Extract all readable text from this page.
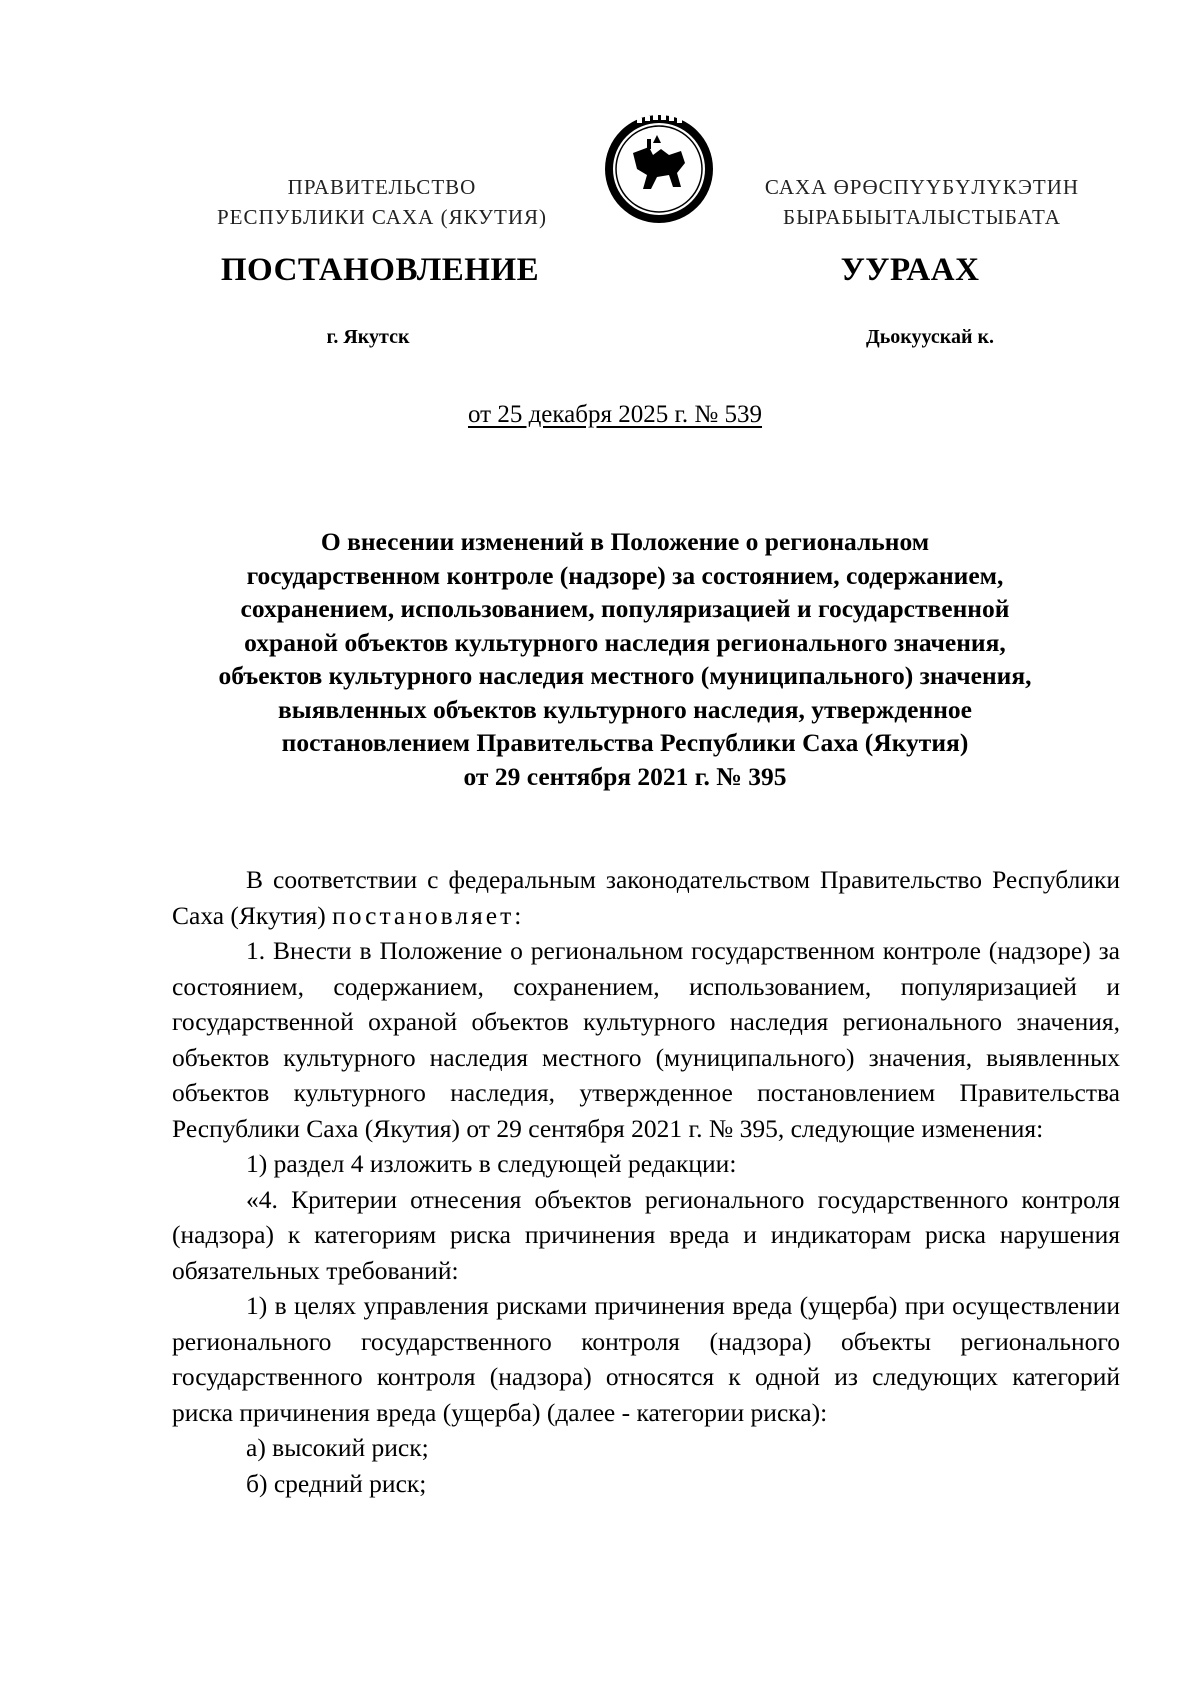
ПРАВИТЕЛЬСТВО
РЕСПУБЛИКИ САХА (ЯКУТИЯ)
САХА ӨРӨСПҮҮБҮЛҮКЭТИН
БЫРАБЫЫТАЛЫСТЫБАТА
ПОСТАНОВЛЕНИЕ	УУРААХ
г. Якутск	Дьокуускай к.
от 25 декабря 2025 г. № 539
О внесении изменений в Положение о региональном
государственном контроле (надзоре) за состоянием, содержанием,
сохранением, использованием, популяризацией и государственной
охраной объектов культурного наследия регионального значения,
объектов культурного наследия местного (муниципального) значения,
выявленных объектов культурного наследия, утвержденное
постановлением Правительства Республики Саха (Якутия)
от 29 сентября 2021 г. № 395

В соответствии с федеральным законодательством Правительство Республики Саха (Якутия) постановляет:

1. Внести в Положение о региональном государственном контроле (надзоре) за состоянием, содержанием, сохранением, использованием, популяризацией и государственной охраной объектов культурного наследия регионального значения, объектов культурного наследия местного (муниципального) значения, выявленных объектов культурного наследия, утвержденное постановлением Правительства Республики Саха (Якутия) от 29 сентября 2021 г. № 395, следующие изменения:

1) раздел 4 изложить в следующей редакции:

«4. Критерии отнесения объектов регионального государственного контроля (надзора) к категориям риска причинения вреда и индикаторам риска нарушения обязательных требований:

1) в целях управления рисками причинения вреда (ущерба) при осуществлении регионального государственного контроля (надзора) объекты регионального государственного контроля (надзора) относятся к одной из следующих категорий риска причинения вреда (ущерба) (далее - категории риска):

а) высокий риск;

б) средний риск;
